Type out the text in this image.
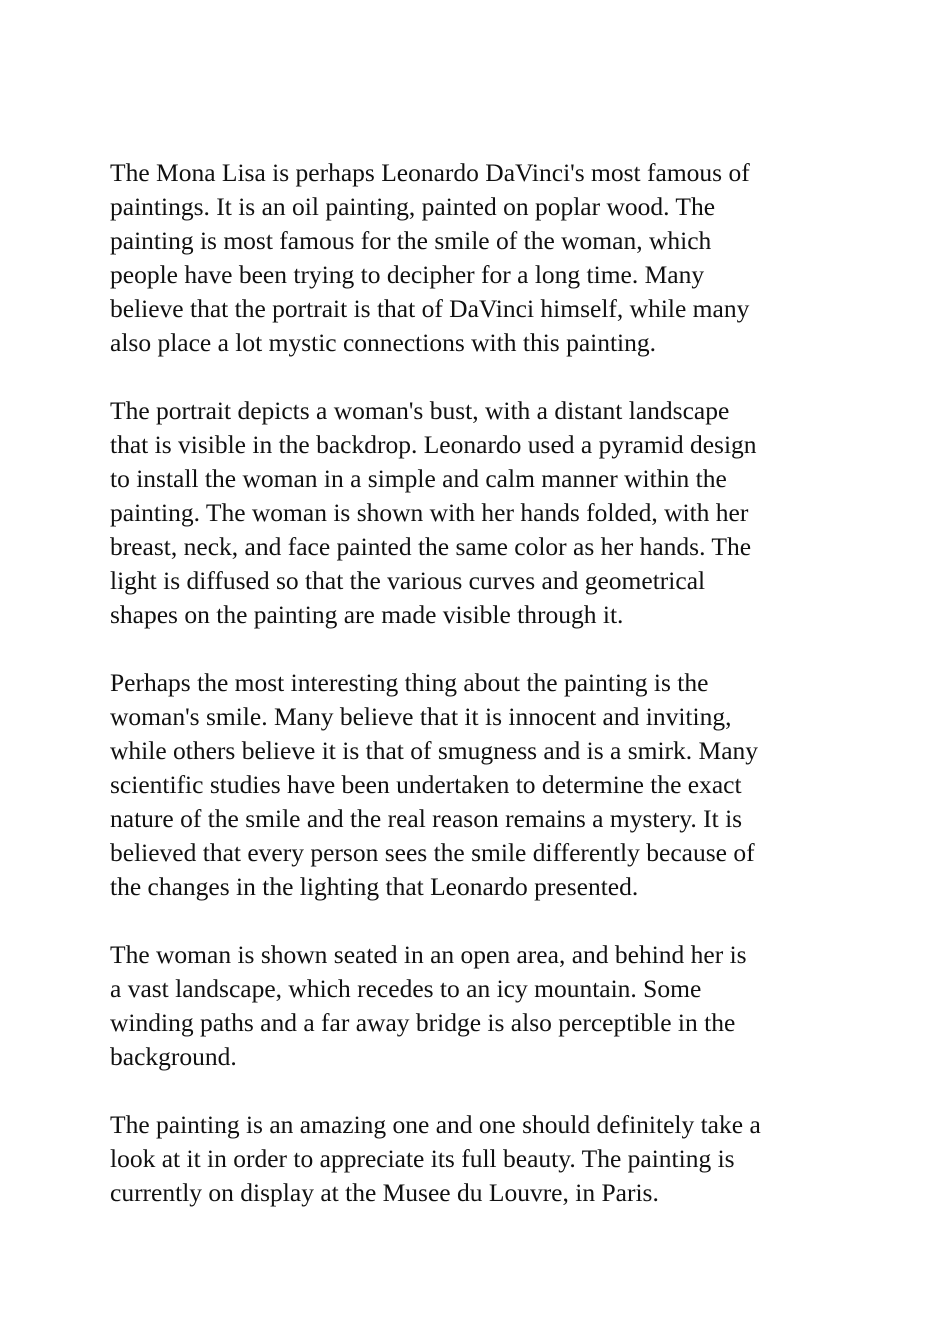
The Mona Lisa is perhaps Leonardo DaVinci's most famous of
paintings. It is an oil painting, painted on poplar wood. The
painting is most famous for the smile of the woman, which
people have been trying to decipher for a long time. Many
believe that the portrait is that of DaVinci himself, while many
also place a lot mystic connections with this painting.

The portrait depicts a woman's bust, with a distant landscape
that is visible in the backdrop. Leonardo used a pyramid design
to install the woman in a simple and calm manner within the
painting. The woman is shown with her hands folded, with her
breast, neck, and face painted the same color as her hands. The
light is diffused so that the various curves and geometrical
shapes on the painting are made visible through it.

Perhaps the most interesting thing about the painting is the
woman's smile. Many believe that it is innocent and inviting,
while others believe it is that of smugness and is a smirk. Many
scientific studies have been undertaken to determine the exact
nature of the smile and the real reason remains a mystery. It is
believed that every person sees the smile differently because of
the changes in the lighting that Leonardo presented.

The woman is shown seated in an open area, and behind her is
a vast landscape, which recedes to an icy mountain. Some
winding paths and a far away bridge is also perceptible in the
background.

The painting is an amazing one and one should definitely take a
look at it in order to appreciate its full beauty. The painting is
currently on display at the Musee du Louvre, in Paris.
